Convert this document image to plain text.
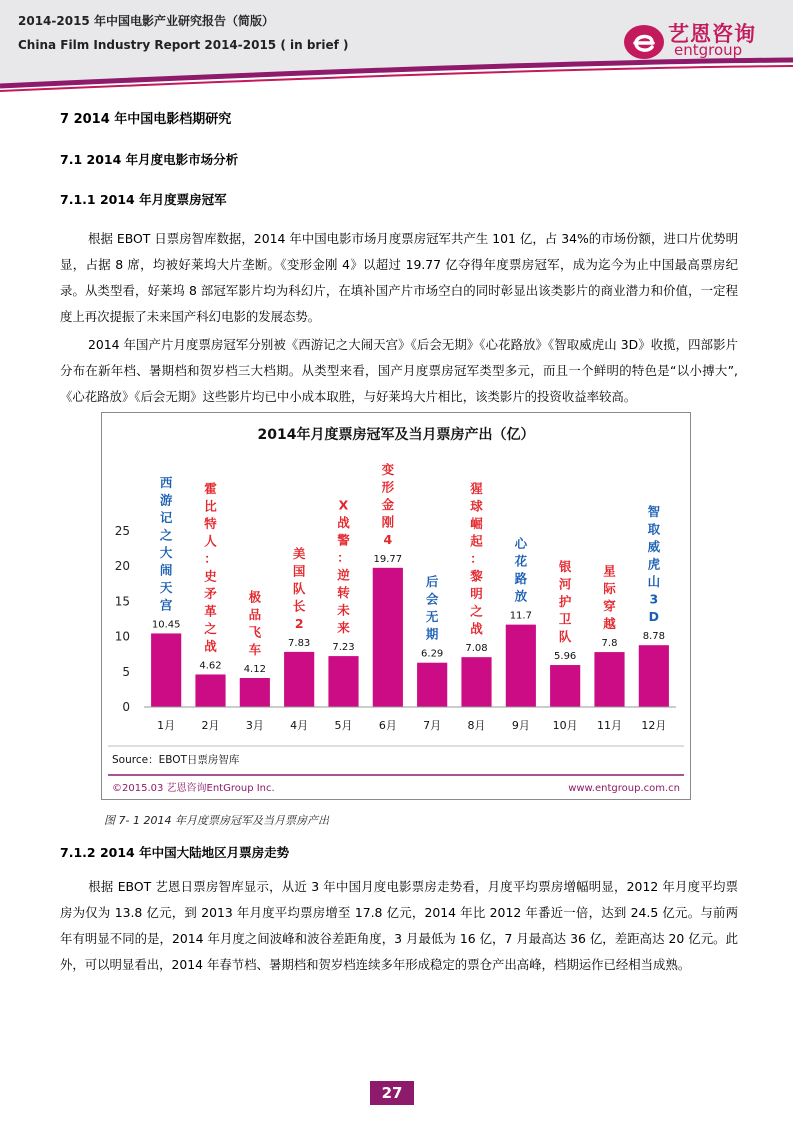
2014-2015 年中国电影产业研究报告（简版）
China Film Industry Report 2014-2015 ( in brief )	艺恩咨询
entgroup
7 2014 年中国电影档期研究
7.1 2014 年月度电影市场分析
7.1.1 2014 年月度票房冠军
根据 EBOT 日票房智库数据，2014 年中国电影市场月度票房冠军共产生 101 亿，占 34%的市场份额，进口片优势明显，占据 8 席，均被好莱坞大片垄断。《变形金刚 4》以超过 19.77 亿夺得年度票房冠军，成为迄今为止中国最高票房纪录。从类型看，好莱坞 8 部冠军影片均为科幻片，在填补国产片市场空白的同时彰显出该类影片的商业潜力和价值，一定程度上再次提振了未来国产科幻电影的发展态势。
2014 年国产片月度票房冠军分别被《西游记之大闹天宫》《后会无期》《心花路放》《智取威虎山 3D》收揽，四部影片分布在新年档、暑期档和贺岁档三大档期。从类型来看，国产月度票房冠军类型多元，而且一个鲜明的特色是“以小搏大”,《心花路放》《后会无期》这些影片均已中小成本取胜，与好莱坞大片相比，该类影片的投资收益率较高。
2014年月度票房冠军及当月票房产出（亿）
0
5
10
15
20
25
10.45
1月
西游记之大闹天宫
4.62
2月
霍比特人：史矛革之战
4.12
3月
极品飞车	7.83
4月
美国队长 2
7.23
5月
X 战警：逆转未来
19.77
6月
变形金刚 4
6.29
7月
后会无期
7.08
8月
猩球崛起：黎明之战
11.7
9月
心花路放
5.96
10月
银河护卫队	7.8
11月
星际穿越
8.78
12月
智取威虎山 3 D
Source：EBOT日票房智库
©2015.03 艺恩咨询EntGroup Inc.	www.entgroup.com.cn
图 7- 1 2014 年月度票房冠军及当月票房产出
7.1.2 2014 年中国大陆地区月票房走势
根据 EBOT 艺恩日票房智库显示，从近 3 年中国月度电影票房走势看，月度平均票房增幅明显，2012 年月度平均票房为仅为 13.8 亿元，到 2013 年月度平均票房增至 17.8 亿元，2014 年比 2012 年番近一倍，达到 24.5 亿元。与前两年有明显不同的是，2014 年月度之间波峰和波谷差距角度，3 月最低为 16 亿，7 月最高达 36 亿，差距高达 20 亿元。此外，可以明显看出，2014 年春节档、暑期档和贺岁档连续多年形成稳定的票仓产出高峰，档期运作已经相当成熟。
27
